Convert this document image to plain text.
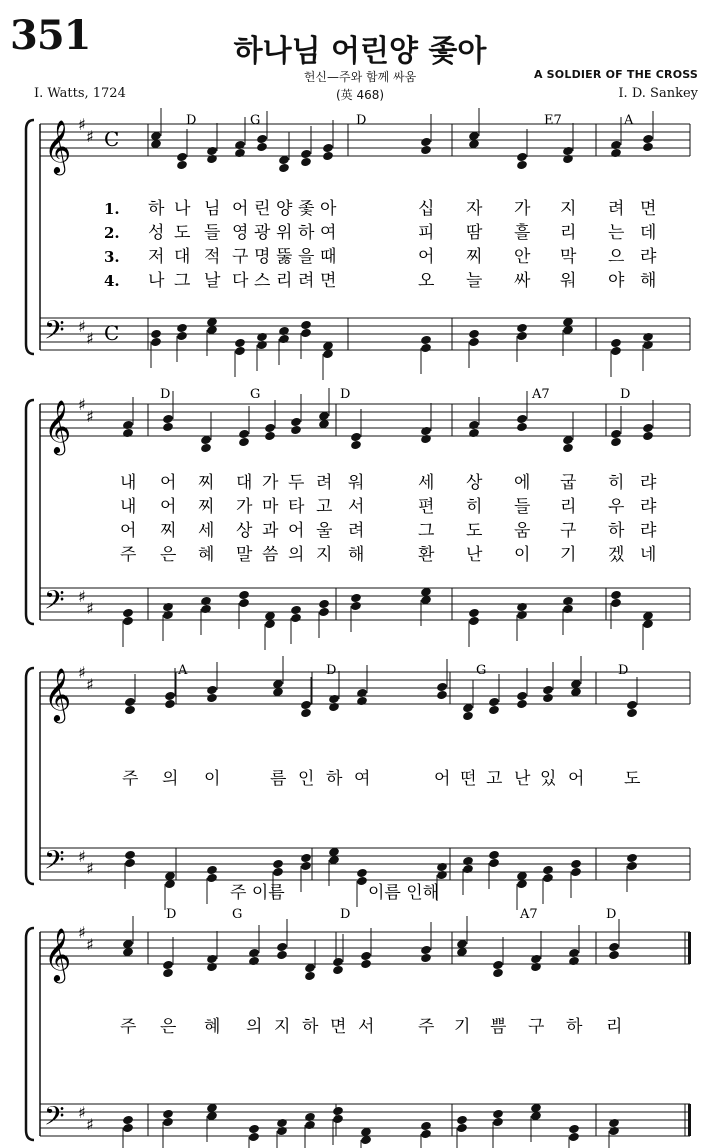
351	하나님 어린양 좇아
헌신—주와 함께 싸움	A SOLDIER OF THE CROSS
I. Watts, 1724	(英 468)	I. D. Sankey
𝄞
𝄢
♯
♯
♯
♯
C
C
D	G	D	E7	A
1. 하 나 님 어 린 양 좇 아	십 자 가 지 려 면
2. 성 도 들 영 광 위 하 여	피 땀 흘 리 는 데
3. 저 대 적 구 명 뚫 을 때	어 찌 안 막 으 랴
4. 나 그 날 다 스 리 려 면	오 늘 싸 워 야 해
𝄞
𝄢
♯
♯
♯
♯
D	G	D	A7	D
내 어 찌 대 가 두 려 워	세 상 에 굽 히 랴
내 어 찌 가 마 타 고 서	편 히 들 리 우 랴
어 찌 세 상 과 어 울 려	그 도 움 구 하 랴
주 은 혜 말 씀 의 지 해	환 난 이 기 겠 네
𝄞
𝄢
♯
♯
♯
♯
A	D	G	D
주 의 이	름 인 하 여	어 떤 고 난 있 어 도
주 이름	이름 인해
𝄞
𝄢
♯
♯
♯
♯
D	G	D	A7	D
주 은 혜 의 지 하 면 서	주 기 쁨 구 하 리
